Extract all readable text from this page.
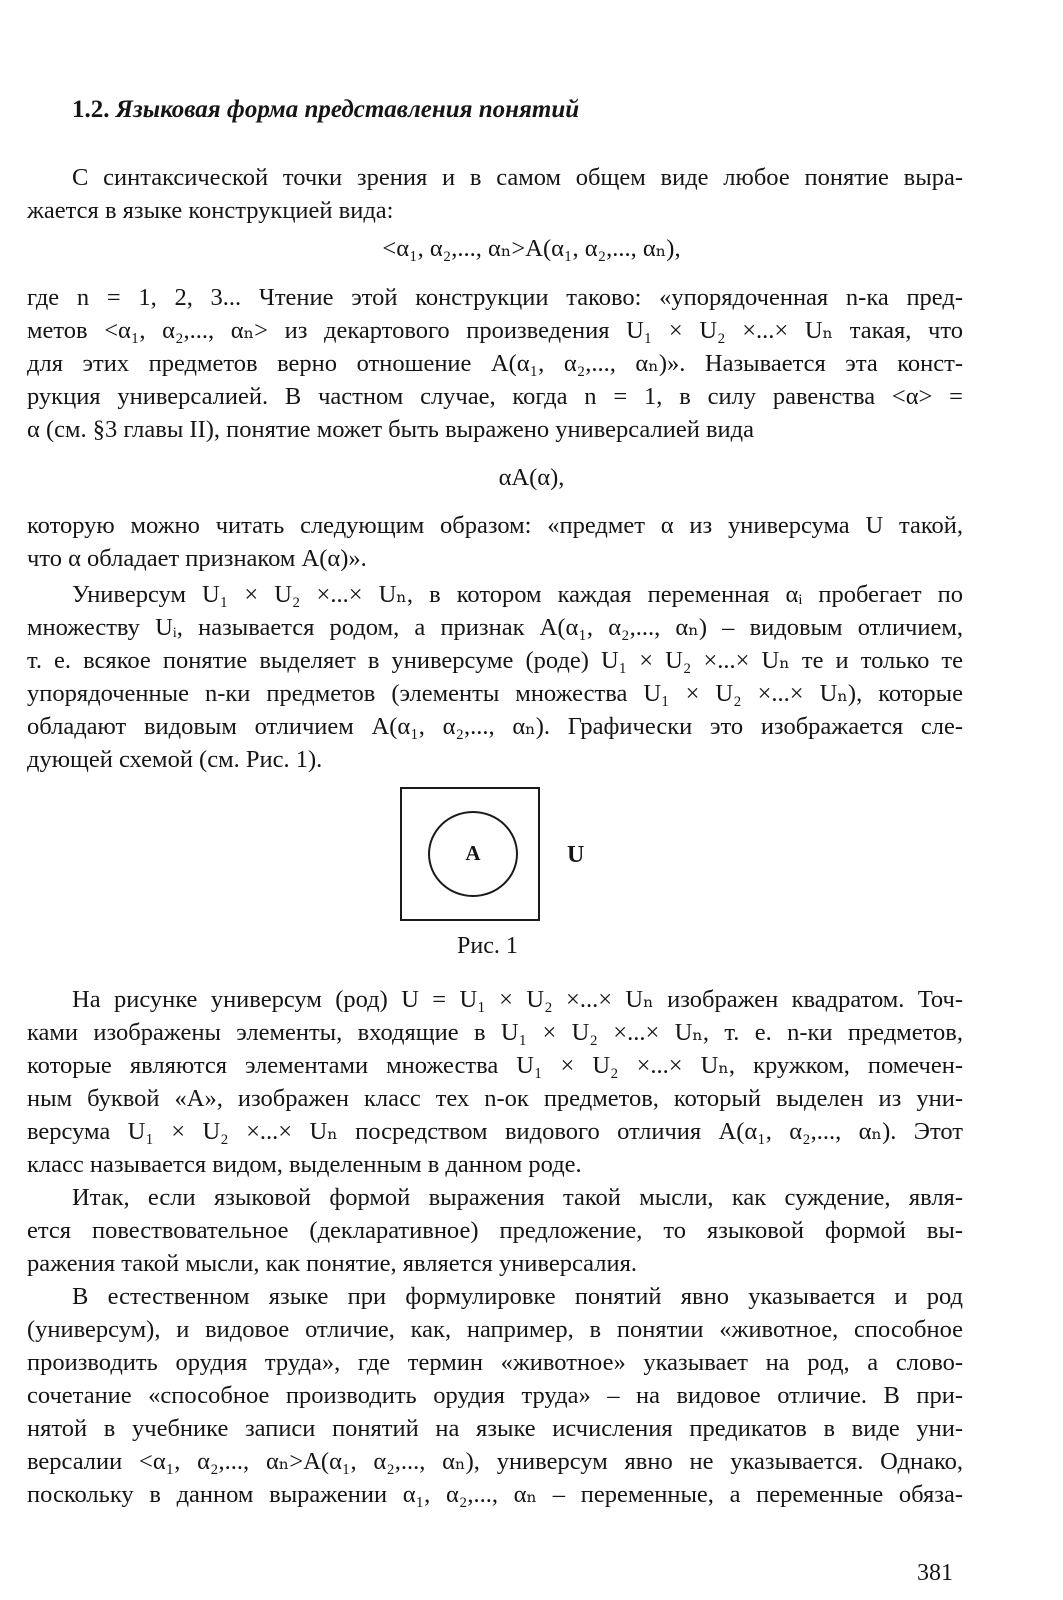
1.2. Языковая форма представления понятий
С синтаксической точки зрения и в самом общем виде любое понятие выра-
жается в языке конструкцией вида:
<α₁, α₂,..., αₙ>A(α₁, α₂,..., αₙ),
где n = 1, 2, 3... Чтение этой конструкции таково: «упорядоченная n-ка пред-
метов <α₁, α₂,..., αₙ> из декартового произведения U₁ × U₂ ×...× Uₙ такая, что
для этих предметов верно отношение A(α₁, α₂,..., αₙ)». Называется эта конст-
рукция универсалией. В частном случае, когда n = 1, в силу равенства <α> =
α (см. §3 главы II), понятие может быть выражено универсалией вида
αA(α),
которую можно читать следующим образом: «предмет α из универсума U такой,
что α обладает признаком A(α)».
Универсум U₁ × U₂ ×...× Uₙ, в котором каждая переменная αᵢ пробегает по
множеству Uᵢ, называется родом, а признак A(α₁, α₂,..., αₙ) – видовым отличием,
т. е. всякое понятие выделяет в универсуме (роде) U₁ × U₂ ×...× Uₙ те и только те
упорядоченные n-ки предметов (элементы множества U₁ × U₂ ×...× Uₙ), которые
обладают видовым отличием A(α₁, α₂,..., αₙ). Графически это изображается сле-
дующей схемой (см. Рис. 1).
A	U
Рис. 1
На рисунке универсум (род) U = U₁ × U₂ ×...× Uₙ изображен квадратом. Точ-
ками изображены элементы, входящие в U₁ × U₂ ×...× Uₙ, т. е. n-ки предметов,
которые являются элементами множества U₁ × U₂ ×...× Uₙ, кружком, помечен-
ным буквой «A», изображен класс тех n-ок предметов, который выделен из уни-
версума U₁ × U₂ ×...× Uₙ посредством видового отличия A(α₁, α₂,..., αₙ). Этот
класс называется видом, выделенным в данном роде.
Итак, если языковой формой выражения такой мысли, как суждение, явля-
ется повествовательное (декларативное) предложение, то языковой формой вы-
ражения такой мысли, как понятие, является универсалия.
В естественном языке при формулировке понятий явно указывается и род
(универсум), и видовое отличие, как, например, в понятии «животное, способное
производить орудия труда», где термин «животное» указывает на род, а слово-
сочетание «способное производить орудия труда» – на видовое отличие. В при-
нятой в учебнике записи понятий на языке исчисления предикатов в виде уни-
версалии <α₁, α₂,..., αₙ>A(α₁, α₂,..., αₙ), универсум явно не указывается. Однако,
поскольку в данном выражении α₁, α₂,..., αₙ – переменные, а переменные обяза-
381
